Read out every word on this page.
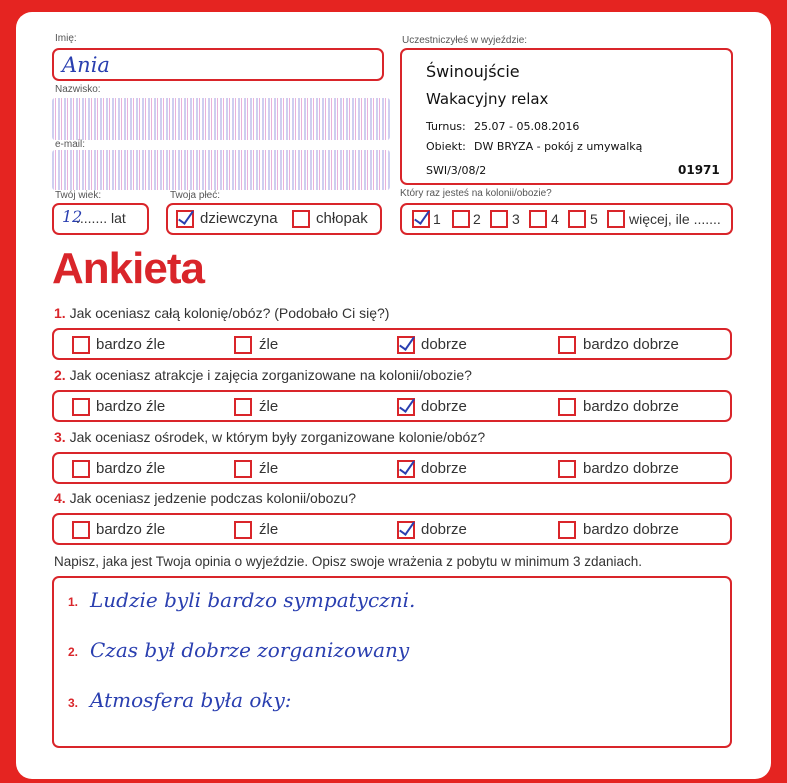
Imię:
Ania
Nazwisko:
e-mail:
Twój wiek:
12
........ lat
Twoja płeć:
dziewczyna	chłopak
Uczestniczyłeś w wyjeździe:
Świnoujście
Wakacyjny relax
Turnus: 25.07 - 05.08.2016
Obiekt: DW BRYZA - pokój z umywalką
SWI/3/08/2	01971
Który raz jesteś na kolonii/obozie?
1 2 3 4 5 więcej, ile .......
Ankieta
1. Jak oceniasz całą kolonię/obóz? (Podobało Ci się?)
bardzo źle	źle	dobrze	bardzo dobrze
2. Jak oceniasz atrakcje i zajęcia zorganizowane na kolonii/obozie?
bardzo źle	źle	dobrze	bardzo dobrze
3. Jak oceniasz ośrodek, w którym były zorganizowane kolonie/obóz?
bardzo źle	źle	dobrze	bardzo dobrze
4. Jak oceniasz jedzenie podczas kolonii/obozu?
bardzo źle	źle	dobrze	bardzo dobrze
Napisz, jaka jest Twoja opinia o wyjeździe. Opisz swoje wrażenia z pobytu w minimum 3 zdaniach.
1. Ludzie byli bardzo sympatyczni.
2. Czas był dobrze zorganizowany
3. Atmosfera była oky:
